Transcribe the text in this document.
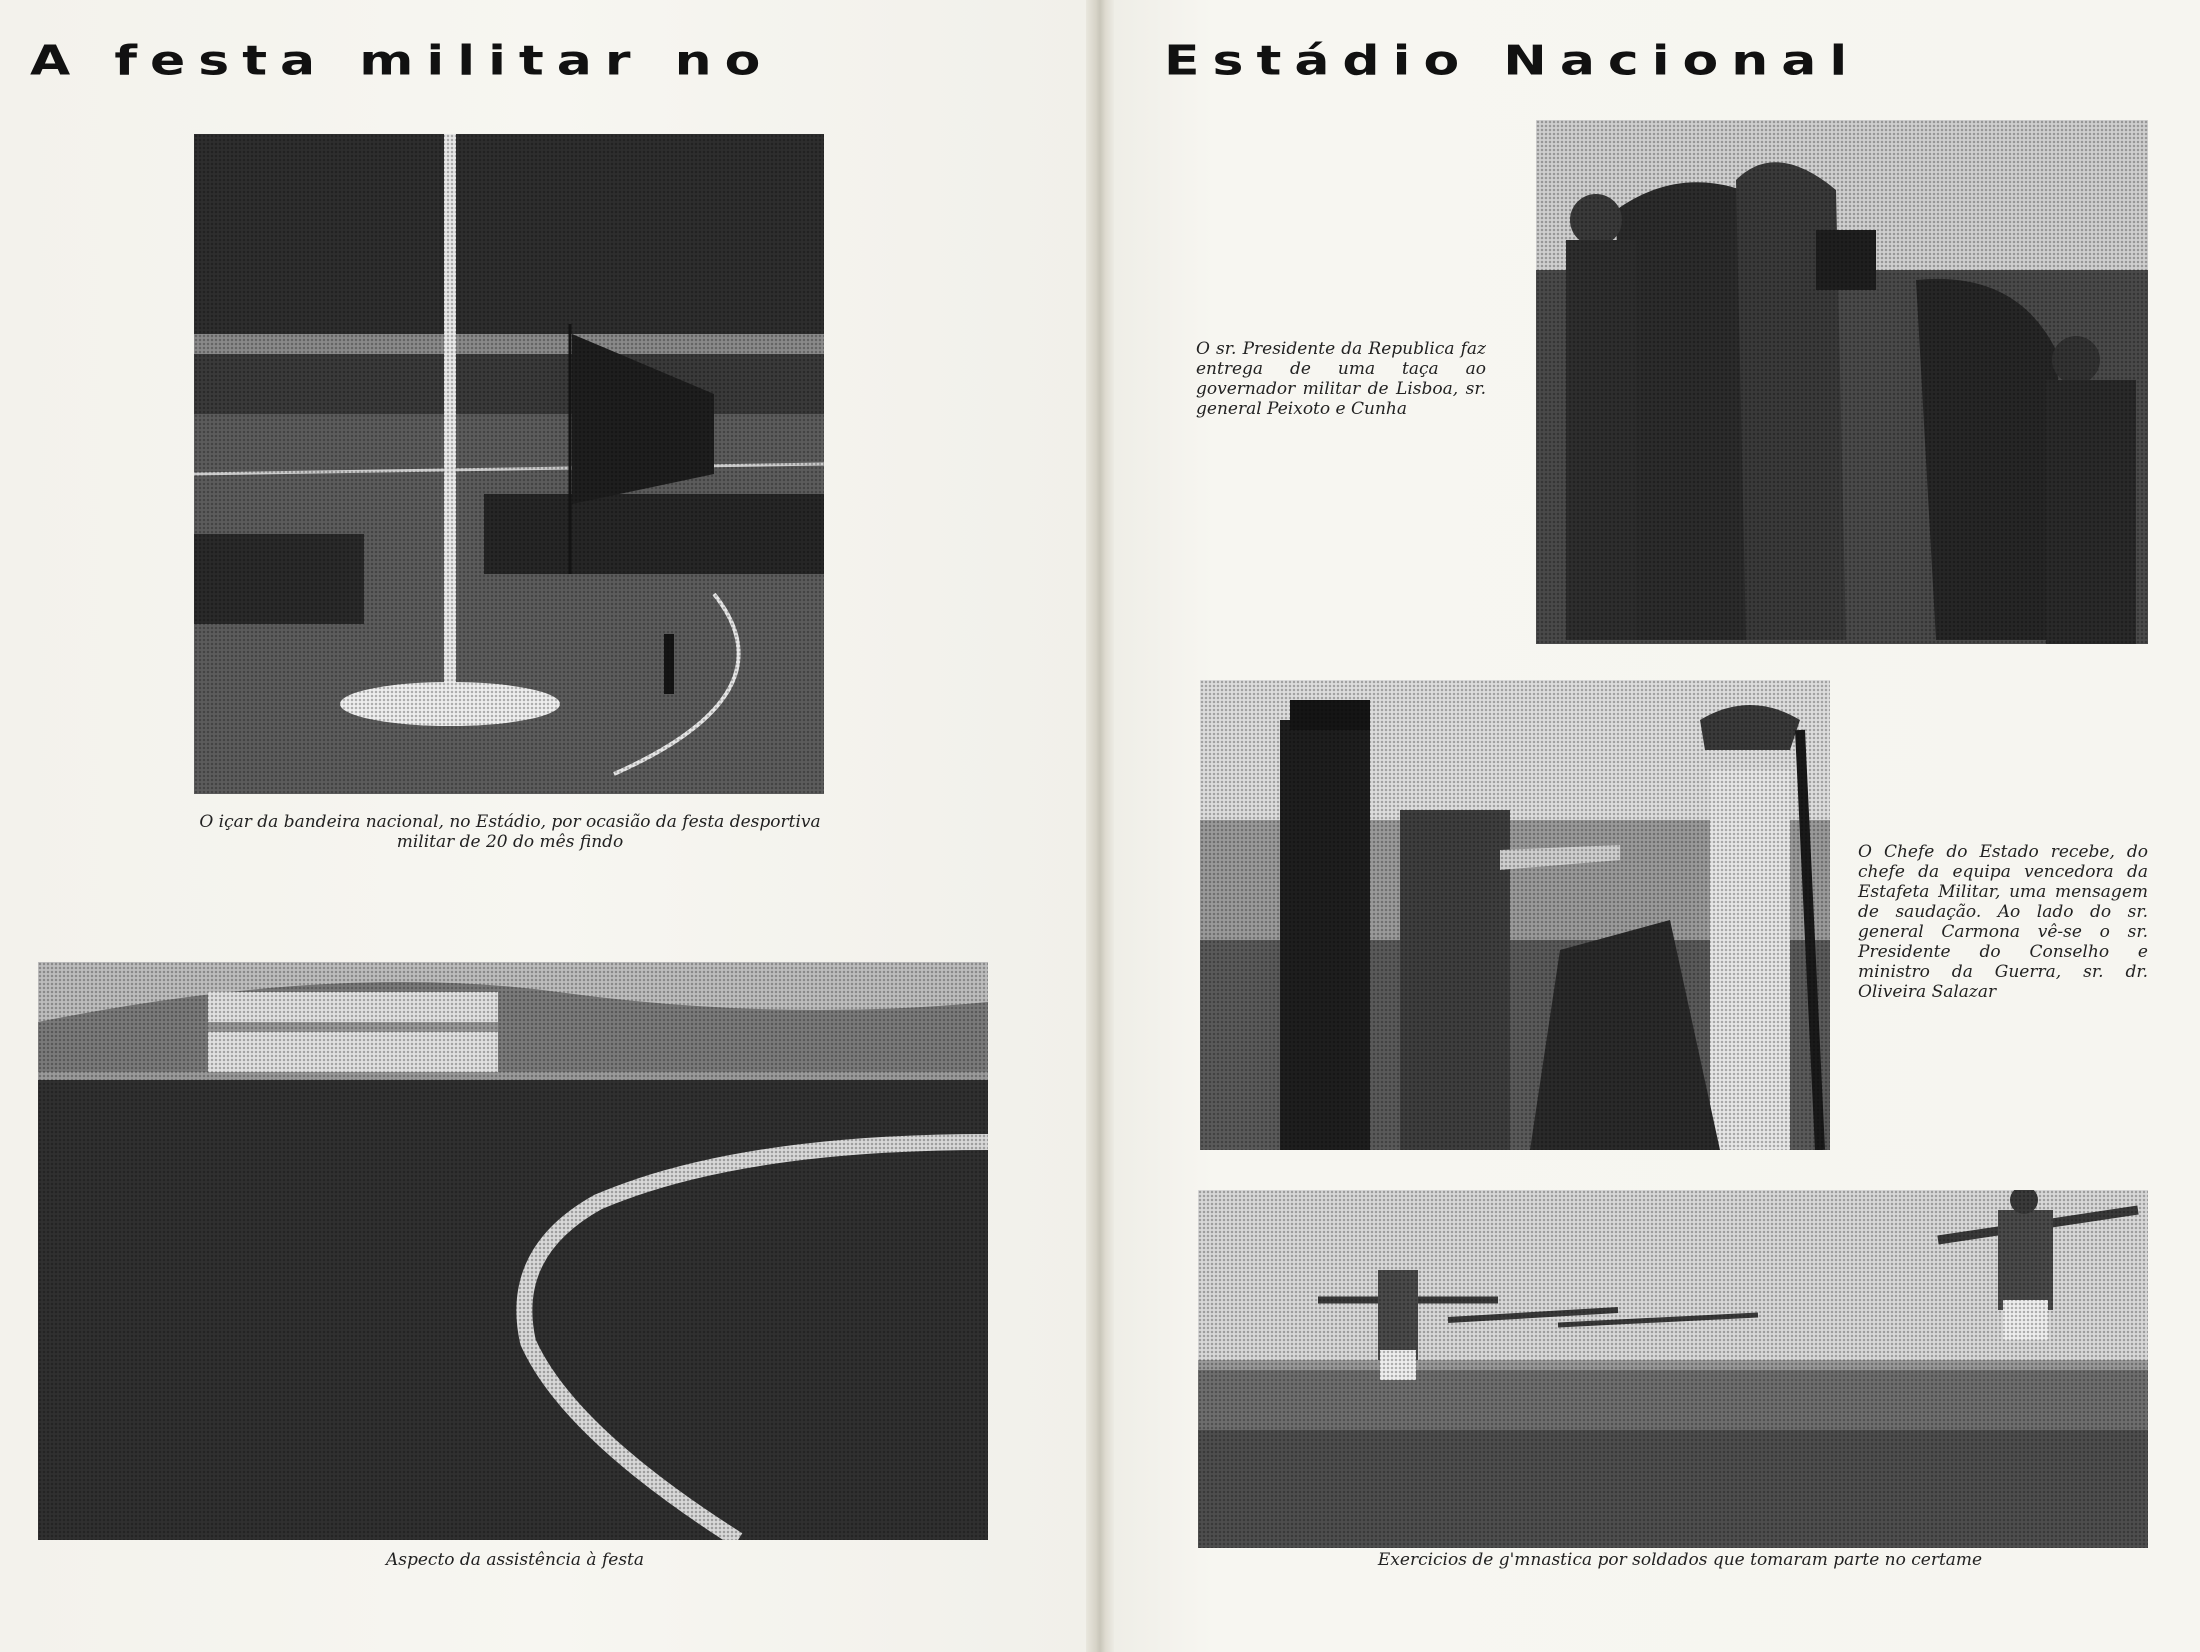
A festa militar no	Estádio Nacional

O içar da bandeira nacional, no Estádio, por ocasião da festa desportiva militar de 20 do mês findo

Aspecto da assistência à festa

O sr. Presidente da Republica faz entrega de uma taça ao governador militar de Lisboa, sr. general Peixoto e Cunha

O Chefe do Estado recebe, do chefe da equipa vencedora da Estafeta Militar, uma mensagem de saudação. Ao lado do sr. general Carmona vê-se o sr. Presidente do Conselho e ministro da Guerra, sr. dr. Oliveira Salazar

Exercicios de g'mnastica por soldados que tomaram parte no certame
